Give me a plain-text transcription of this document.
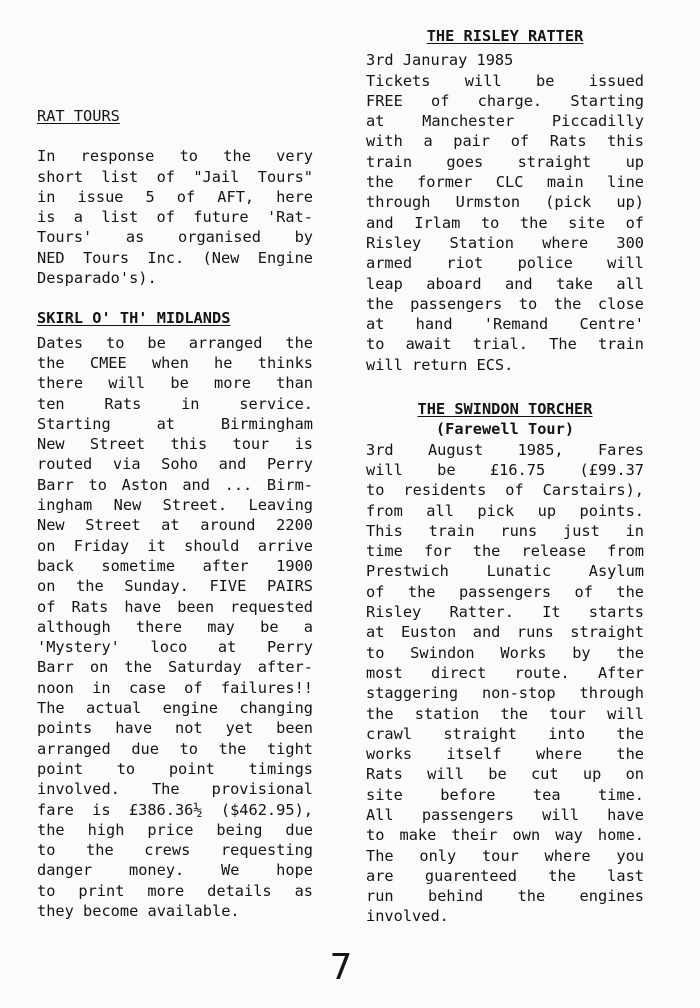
THE RISLEY RATTER
3rd Januray 1985
Tickets will be issued
FREE of charge. Starting
at Manchester Piccadilly
with a pair of Rats this
train goes straight up
the former CLC main line
through Urmston (pick up)
and Irlam to the site of
Risley Station where 300
armed riot police will
leap aboard and take all
the passengers to the close
at hand 'Remand Centre'
to await trial. The train
will return ECS.
THE SWINDON TORCHER
(Farewell Tour)
3rd August 1985, Fares
will be £16.75 (£99.37
to residents of Carstairs),
from all pick up points.
This train runs just in
time for the release from
Prestwich Lunatic Asylum
of the passengers of the
Risley Ratter. It starts
at Euston and runs straight
to Swindon Works by the
most direct route. After
staggering non-stop through
the station the tour will
crawl straight into the
works itself where the
Rats will be cut up on
site before tea time.
All passengers will have
to make their own way home.
The only tour where you
are guarenteed the last
run behind the engines
involved.
RAT TOURS
In response to the very
short list of "Jail Tours"
in issue 5 of AFT, here
is a list of future 'Rat-
Tours' as organised by
NED Tours Inc. (New Engine
Desparado's).
SKIRL O' TH' MIDLANDS
Dates to be arranged the
the CMEE when he thinks
there will be more than
ten Rats in service.
Starting at Birmingham
New Street this tour is
routed via Soho and Perry
Barr to Aston and ... Birm-
ingham New Street. Leaving
New Street at around 2200
on Friday it should arrive
back sometime after 1900
on the Sunday. FIVE PAIRS
of Rats have been requested
although there may be a
'Mystery' loco at Perry
Barr on the Saturday after-
noon in case of failures!!
The actual engine changing
points have not yet been
arranged due to the tight
point to point timings
involved. The provisional
fare is £386.36½ ($462.95),
the high price being due
to the crews requesting
danger money. We hope
to print more details as
they become available.
7
